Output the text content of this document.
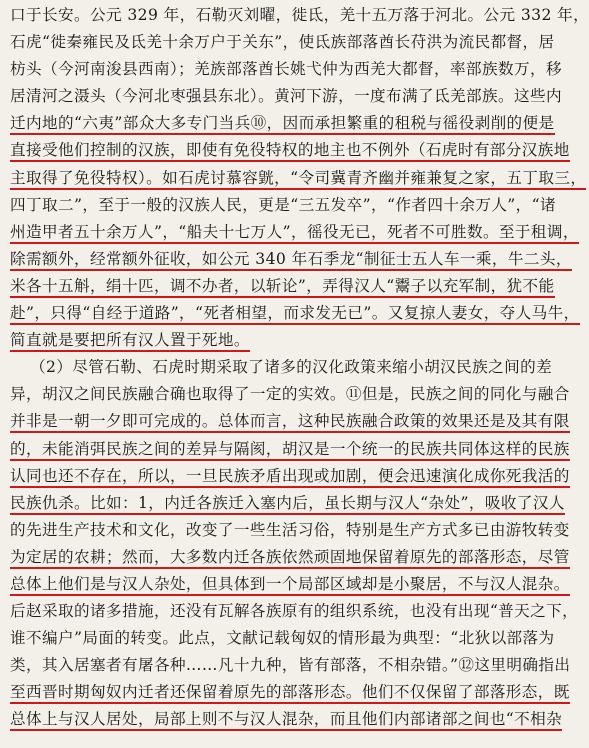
口于长安。公元 329 年，石勒灭刘曜，徙氐，羌十五万落于河北。公元 332 年，
石虎“徙秦雍民及氐羌十余万户于关东”，使氐族部落酋长苻洪为流民都督，居
枋头（今河南浚县西南）；羌族部落酋长姚弋仲为西羌大都督，率部族数万，移
居清河之滠头（今河北枣强县东北）。黄河下游，一度布满了氐羌部族。这些内
迁内地的“六夷”部众大多专门当兵⑩，因而承担繁重的租税与徭役剥削的便是
直接受他们控制的汉族，即使有免役特权的地主也不例外（石虎时有部分汉族地
主取得了免役特权）。如石虎讨慕容皝，“令司冀青齐幽并雍兼复之家，五丁取三，
四丁取二”，至于一般的汉族人民，更是“三五发卒”，“作者四十余万人”，“诸
州造甲者五十余万人”，“船夫十七万人”，徭役无已，死者不可胜数。至于租调，
除需额外，经常额外征收，如公元 340 年石季龙“制征士五人车一乘，牛二头，
米各十五斛，绢十匹，调不办者，以斩论”，弄得汉人“鬻子以充军制，犹不能
赴”，只得“自经于道路”，“死者相望，而求发无已”。又复掠人妻女，夺人马牛，
简直就是要把所有汉人置于死地。
（2）尽管石勒、石虎时期采取了诸多的汉化政策来缩小胡汉民族之间的差
异，胡汉之间民族融合确也取得了一定的实效。⑪但是，民族之间的同化与融合
并非是一朝一夕即可完成的。总体而言，这种民族融合政策的效果还是及其有限
的，未能消弭民族之间的差异与隔阂，胡汉是一个统一的民族共同体这样的民族
认同也还不存在，所以，一旦民族矛盾出现或加剧，便会迅速演化成你死我活的
民族仇杀。比如：1，内迁各族迁入塞内后，虽长期与汉人“杂处”，吸收了汉人
的先进生产技术和文化，改变了一些生活习俗，特别是生产方式多已由游牧转变
为定居的农耕；然而，大多数内迁各族依然顽固地保留着原先的部落形态，尽管
总体上他们是与汉人杂处，但具体到一个局部区域却是小聚居，不与汉人混杂。
后赵采取的诸多措施，还没有瓦解各族原有的组织系统，也没有出现“普天之下，
谁不编户”局面的转变。此点，文献记载匈奴的情形最为典型：“北狄以部落为
类，其入居塞者有屠各种……凡十九种，皆有部落，不相杂错。”⑫这里明确指出
至西晋时期匈奴内迁者还保留着原先的部落形态。他们不仅保留了部落形态，既
总体上与汉人居处，局部上则不与汉人混杂，而且他们内部诸部之间也“不相杂
